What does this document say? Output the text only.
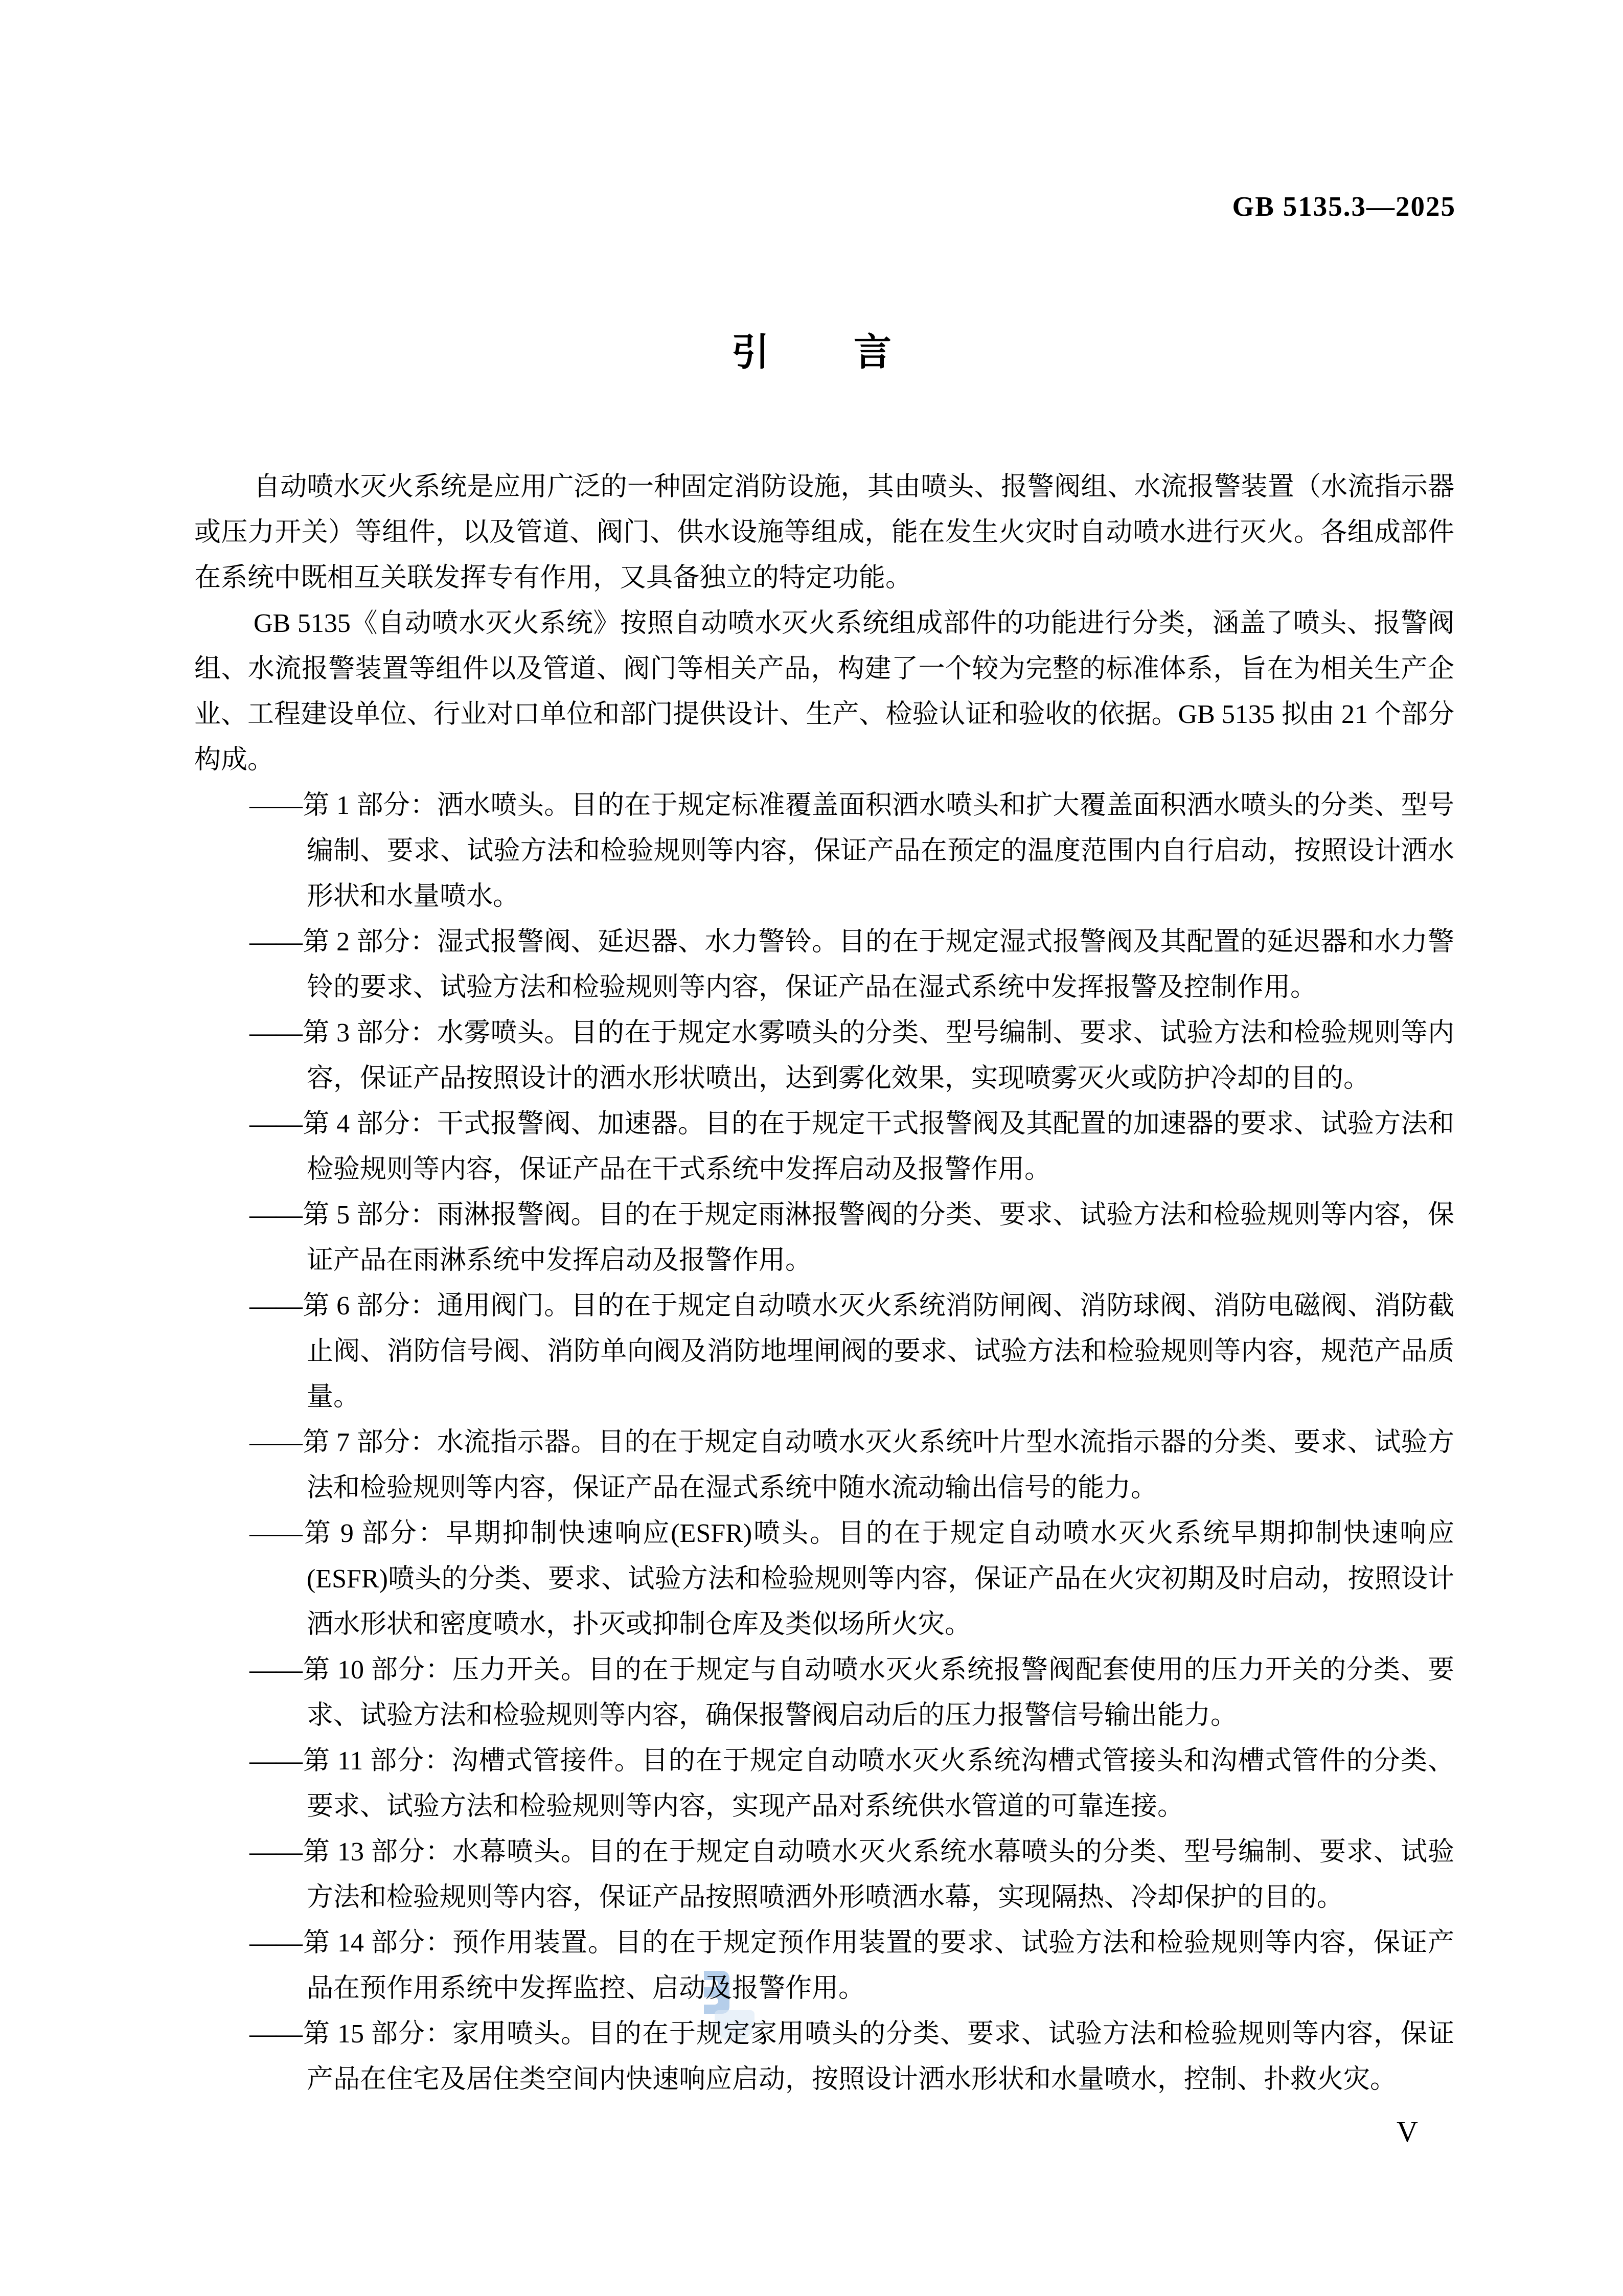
GB 5135.3—2025
引 言

自动喷水灭火系统是应用广泛的一种固定消防设施，其由喷头、报警阀组、水流报警装置（水流指示器或压力开关）等组件，以及管道、阀门、供水设施等组成，能在发生火灾时自动喷水进行灭火。各组成部件在系统中既相互关联发挥专有作用，又具备独立的特定功能。

GB 5135《自动喷水灭火系统》按照自动喷水灭火系统组成部件的功能进行分类，涵盖了喷头、报警阀组、水流报警装置等组件以及管道、阀门等相关产品，构建了一个较为完整的标准体系，旨在为相关生产企业、工程建设单位、行业对口单位和部门提供设计、生产、检验认证和验收的依据。GB 5135 拟由 21 个部分构成。

——第 1 部分：洒水喷头。目的在于规定标准覆盖面积洒水喷头和扩大覆盖面积洒水喷头的分类、型号编制、要求、试验方法和检验规则等内容，保证产品在预定的温度范围内自行启动，按照设计洒水形状和水量喷水。
——第 2 部分：湿式报警阀、延迟器、水力警铃。目的在于规定湿式报警阀及其配置的延迟器和水力警铃的要求、试验方法和检验规则等内容，保证产品在湿式系统中发挥报警及控制作用。
——第 3 部分：水雾喷头。目的在于规定水雾喷头的分类、型号编制、要求、试验方法和检验规则等内容，保证产品按照设计的洒水形状喷出，达到雾化效果，实现喷雾灭火或防护冷却的目的。
——第 4 部分：干式报警阀、加速器。目的在于规定干式报警阀及其配置的加速器的要求、试验方法和检验规则等内容，保证产品在干式系统中发挥启动及报警作用。
——第 5 部分：雨淋报警阀。目的在于规定雨淋报警阀的分类、要求、试验方法和检验规则等内容，保证产品在雨淋系统中发挥启动及报警作用。
——第 6 部分：通用阀门。目的在于规定自动喷水灭火系统消防闸阀、消防球阀、消防电磁阀、消防截止阀、消防信号阀、消防单向阀及消防地埋闸阀的要求、试验方法和检验规则等内容，规范产品质量。
——第 7 部分：水流指示器。目的在于规定自动喷水灭火系统叶片型水流指示器的分类、要求、试验方法和检验规则等内容，保证产品在湿式系统中随水流动输出信号的能力。
——第 9 部分：早期抑制快速响应(ESFR)喷头。目的在于规定自动喷水灭火系统早期抑制快速响应(ESFR)喷头的分类、要求、试验方法和检验规则等内容，保证产品在火灾初期及时启动，按照设计洒水形状和密度喷水，扑灭或抑制仓库及类似场所火灾。
——第 10 部分：压力开关。目的在于规定与自动喷水灭火系统报警阀配套使用的压力开关的分类、要求、试验方法和检验规则等内容，确保报警阀启动后的压力报警信号输出能力。
——第 11 部分：沟槽式管接件。目的在于规定自动喷水灭火系统沟槽式管接头和沟槽式管件的分类、要求、试验方法和检验规则等内容，实现产品对系统供水管道的可靠连接。
——第 13 部分：水幕喷头。目的在于规定自动喷水灭火系统水幕喷头的分类、型号编制、要求、试验方法和检验规则等内容，保证产品按照喷洒外形喷洒水幕，实现隔热、冷却保护的目的。
——第 14 部分：预作用装置。目的在于规定预作用装置的要求、试验方法和检验规则等内容，保证产品在预作用系统中发挥监控、启动及报警作用。
——第 15 部分：家用喷头。目的在于规定家用喷头的分类、要求、试验方法和检验规则等内容，保证产品在住宅及居住类空间内快速响应启动，按照设计洒水形状和水量喷水，控制、扑救火灾。
V
